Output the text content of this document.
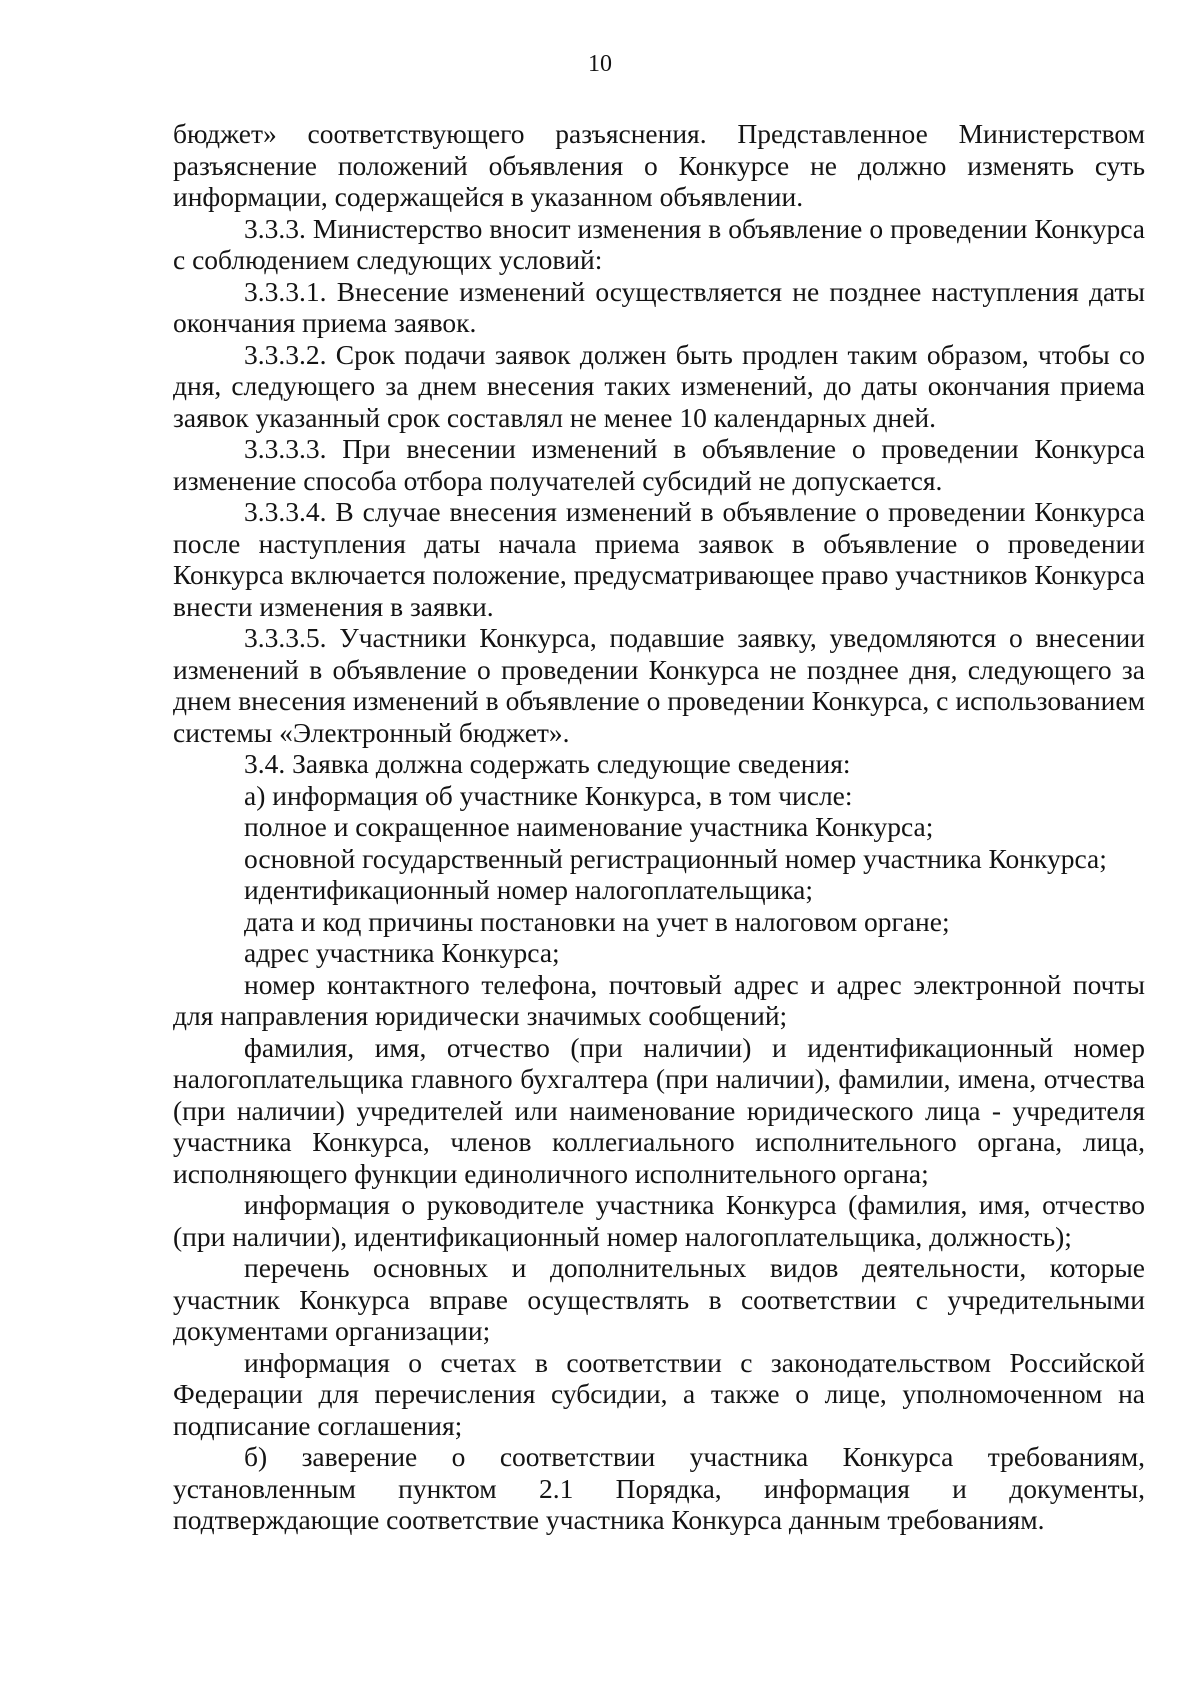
10

бюджет» соответствующего разъяснения. Представленное Министерством разъяснение положений объявления о Конкурсе не должно изменять суть информации, содержащейся в указанном объявлении.

3.3.3. Министерство вносит изменения в объявление о проведении Конкурса с соблюдением следующих условий:

3.3.3.1. Внесение изменений осуществляется не позднее наступления даты окончания приема заявок.

3.3.3.2. Срок подачи заявок должен быть продлен таким образом, чтобы со дня, следующего за днем внесения таких изменений, до даты окончания приема заявок указанный срок составлял не менее 10 календарных дней.

3.3.3.3. При внесении изменений в объявление о проведении Конкурса изменение способа отбора получателей субсидий не допускается.

3.3.3.4. В случае внесения изменений в объявление о проведении Конкурса после наступления даты начала приема заявок в объявление о проведении Конкурса включается положение, предусматривающее право участников Конкурса внести изменения в заявки.

3.3.3.5. Участники Конкурса, подавшие заявку, уведомляются о внесении изменений в объявление о проведении Конкурса не позднее дня, следующего за днем внесения изменений в объявление о проведении Конкурса, с использованием системы «Электронный бюджет».

3.4. Заявка должна содержать следующие сведения:

а) информация об участнике Конкурса, в том числе:

полное и сокращенное наименование участника Конкурса;

основной государственный регистрационный номер участника Конкурса;

идентификационный номер налогоплательщика;

дата и код причины постановки на учет в налоговом органе;

адрес участника Конкурса;

номер контактного телефона, почтовый адрес и адрес электронной почты для направления юридически значимых сообщений;

фамилия, имя, отчество (при наличии) и идентификационный номер налогоплательщика главного бухгалтера (при наличии), фамилии, имена, отчества (при наличии) учредителей или наименование юридического лица - учредителя участника Конкурса, членов коллегиального исполнительного органа, лица, исполняющего функции единоличного исполнительного органа;

информация о руководителе участника Конкурса (фамилия, имя, отчество (при наличии), идентификационный номер налогоплательщика, должность);

перечень основных и дополнительных видов деятельности, которые участник Конкурса вправе осуществлять в соответствии с учредительными документами организации;

информация о счетах в соответствии с законодательством Российской Федерации для перечисления субсидии, а также о лице, уполномоченном на подписание соглашения;

б) заверение о соответствии участника Конкурса требованиям, установленным пунктом 2.1 Порядка, информация и документы, подтверждающие соответствие участника Конкурса данным требованиям.
